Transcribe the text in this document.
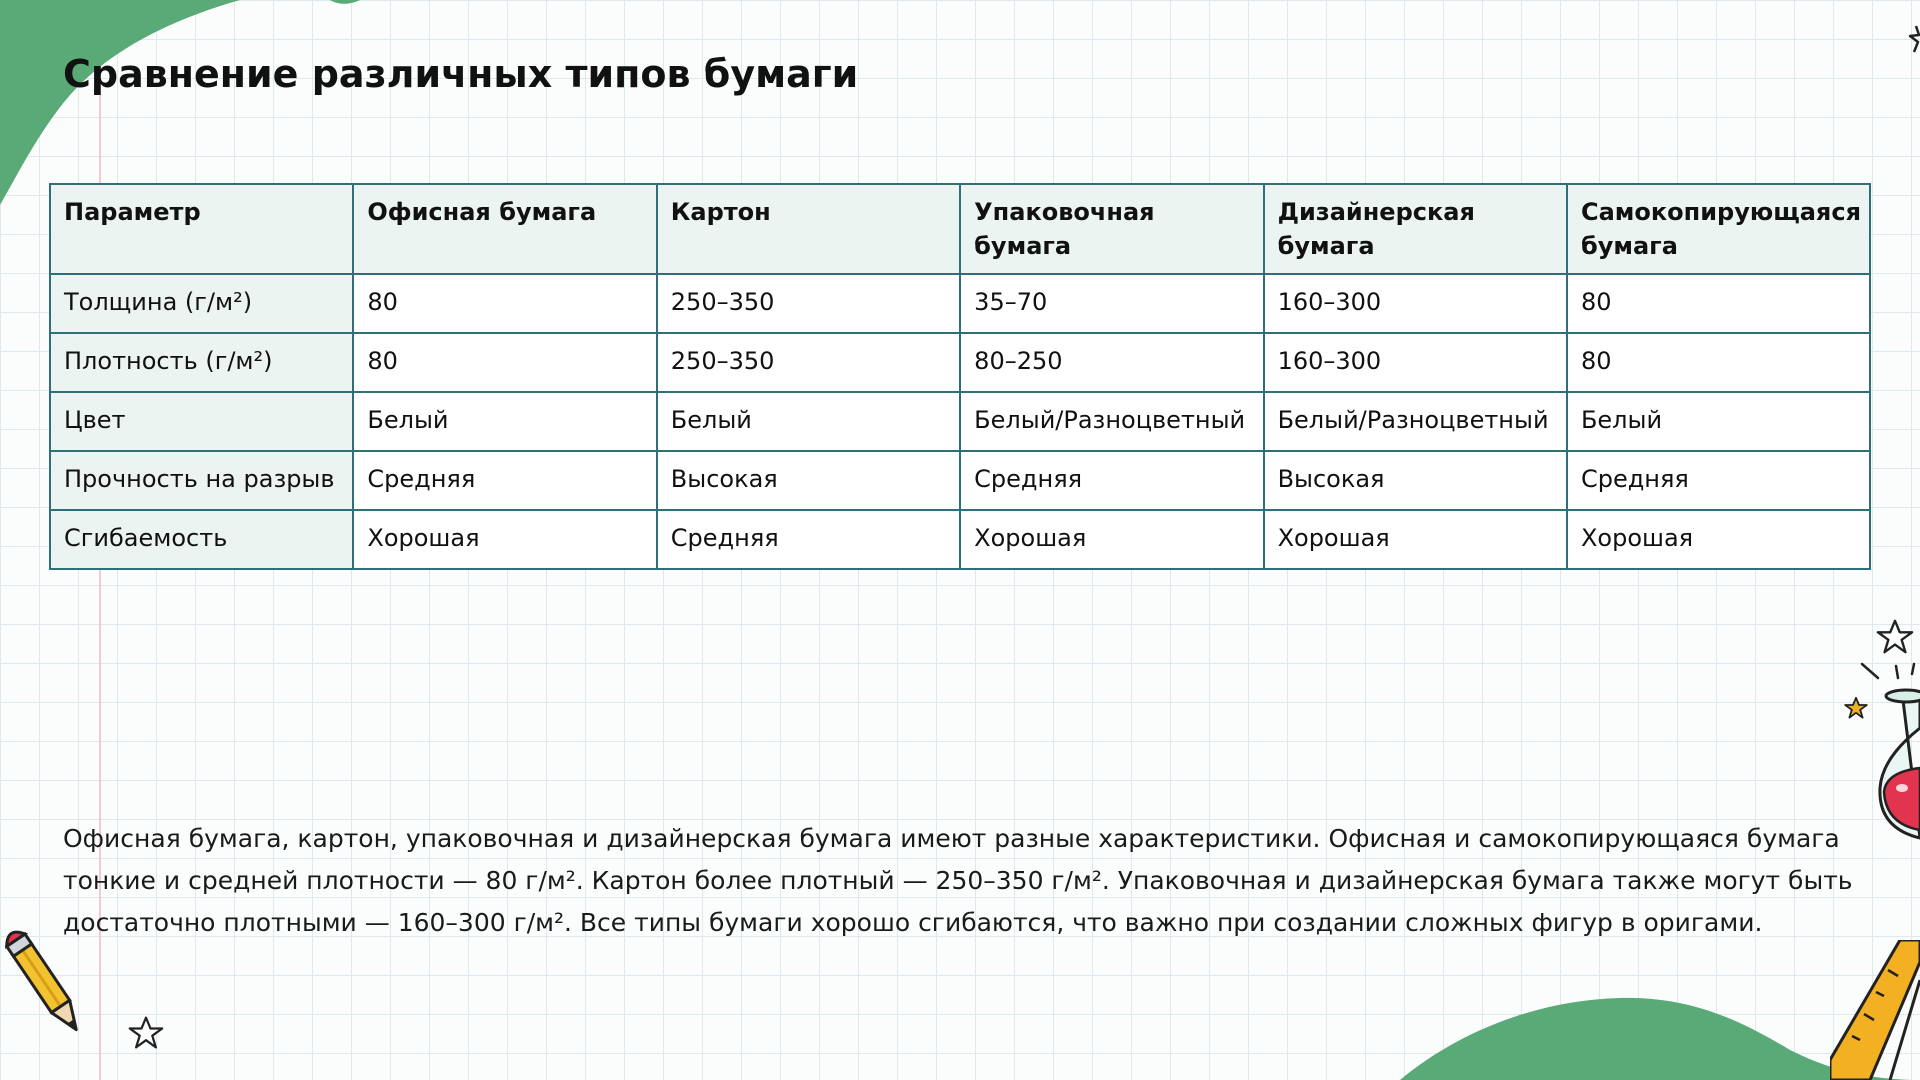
Сравнение различных типов бумаги
Параметр	Офисная бумага	Картон	Упаковочная бумага	Дизайнерская бумага	Самокопирующаяся бумага
Толщина (г/м²)	80	250–350	35–70	160–300	80
Плотность (г/м²)	80	250–350	80–250	160–300	80
Цвет	Белый	Белый	Белый/Разноцветный	Белый/Разноцветный	Белый
Прочность на разрыв	Средняя	Высокая	Средняя	Высокая	Средняя
Сгибаемость	Хорошая	Средняя	Хорошая	Хорошая	Хорошая

Офисная бумага, картон, упаковочная и дизайнерская бумага имеют разные характеристики. Офисная и самокопирующаяся бумага тонкие и средней плотности — 80 г/м². Картон более плотный — 250–350 г/м². Упаковочная и дизайнерская бумага также могут быть достаточно плотными — 160–300 г/м². Все типы бумаги хорошо сгибаются, что важно при создании сложных фигур в оригами.
